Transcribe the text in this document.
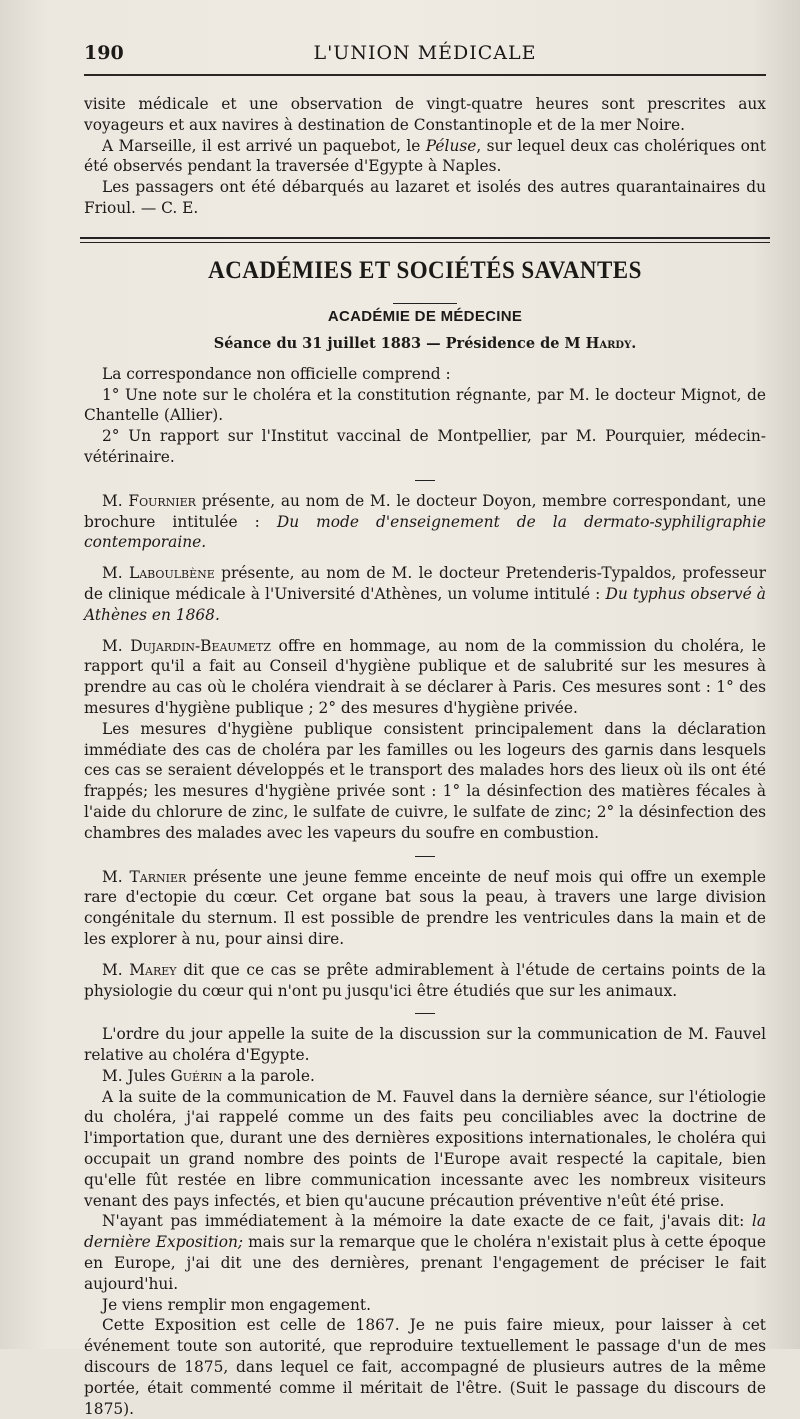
190	L'UNION MÉDICALE

visite médicale et une observation de vingt-quatre heures sont prescrites aux voyageurs et aux navires à destination de Constantinople et de la mer Noire.

A Marseille, il est arrivé un paquebot, le Péluse, sur lequel deux cas cholériques ont été observés pendant la traversée d'Egypte à Naples.

Les passagers ont été débarqués au lazaret et isolés des autres quarantainaires du Frioul. — C. E.

ACADÉMIES ET SOCIÉTÉS SAVANTES
ACADÉMIE DE MÉDECINE
Séance du 31 juillet 1883 — Présidence de M Hardy.

La correspondance non officielle comprend :

1° Une note sur le choléra et la constitution régnante, par M. le docteur Mignot, de Chantelle (Allier).

2° Un rapport sur l'Institut vaccinal de Montpellier, par M. Pourquier, médecin-vétérinaire.

M. Fournier présente, au nom de M. le docteur Doyon, membre correspondant, une brochure intitulée : Du mode d'enseignement de la dermato-syphiligraphie contemporaine.

M. Laboulbène présente, au nom de M. le docteur Pretenderis-Typaldos, professeur de clinique médicale à l'Université d'Athènes, un volume intitulé : Du typhus observé à Athènes en 1868.

M. Dujardin-Beaumetz offre en hommage, au nom de la commission du choléra, le rapport qu'il a fait au Conseil d'hygiène publique et de salubrité sur les mesures à prendre au cas où le choléra viendrait à se déclarer à Paris. Ces mesures sont : 1° des mesures d'hygiène publique ; 2° des mesures d'hygiène privée.

Les mesures d'hygiène publique consistent principalement dans la déclaration immédiate des cas de choléra par les familles ou les logeurs des garnis dans lesquels ces cas se seraient développés et le transport des malades hors des lieux où ils ont été frappés; les mesures d'hygiène privée sont : 1° la désinfection des matières fécales à l'aide du chlorure de zinc, le sulfate de cuivre, le sulfate de zinc; 2° la désinfection des chambres des malades avec les vapeurs du soufre en combustion.

M. Tarnier présente une jeune femme enceinte de neuf mois qui offre un exemple rare d'ectopie du cœur. Cet organe bat sous la peau, à travers une large division congénitale du sternum. Il est possible de prendre les ventricules dans la main et de les explorer à nu, pour ainsi dire.

M. Marey dit que ce cas se prête admirablement à l'étude de certains points de la physiologie du cœur qui n'ont pu jusqu'ici être étudiés que sur les animaux.

L'ordre du jour appelle la suite de la discussion sur la communication de M. Fauvel relative au choléra d'Egypte.

M. Jules Guérin a la parole.

A la suite de la communication de M. Fauvel dans la dernière séance, sur l'étiologie du choléra, j'ai rappelé comme un des faits peu conciliables avec la doctrine de l'importation que, durant une des dernières expositions internationales, le choléra qui occupait un grand nombre des points de l'Europe avait respecté la capitale, bien qu'elle fût restée en libre communication incessante avec les nombreux visiteurs venant des pays infectés, et bien qu'aucune précaution préventive n'eût été prise.

N'ayant pas immédiatement à la mémoire la date exacte de ce fait, j'avais dit: la dernière Exposition; mais sur la remarque que le choléra n'existait plus à cette époque en Europe, j'ai dit une des dernières, prenant l'engagement de préciser le fait aujourd'hui.

Je viens remplir mon engagement.

Cette Exposition est celle de 1867. Je ne puis faire mieux, pour laisser à cet événement toute son autorité, que reproduire textuellement le passage d'un de mes discours de 1875, dans lequel ce fait, accompagné de plusieurs autres de la même portée, était commenté comme il méritait de l'être. (Suit le passage du discours de 1875).
